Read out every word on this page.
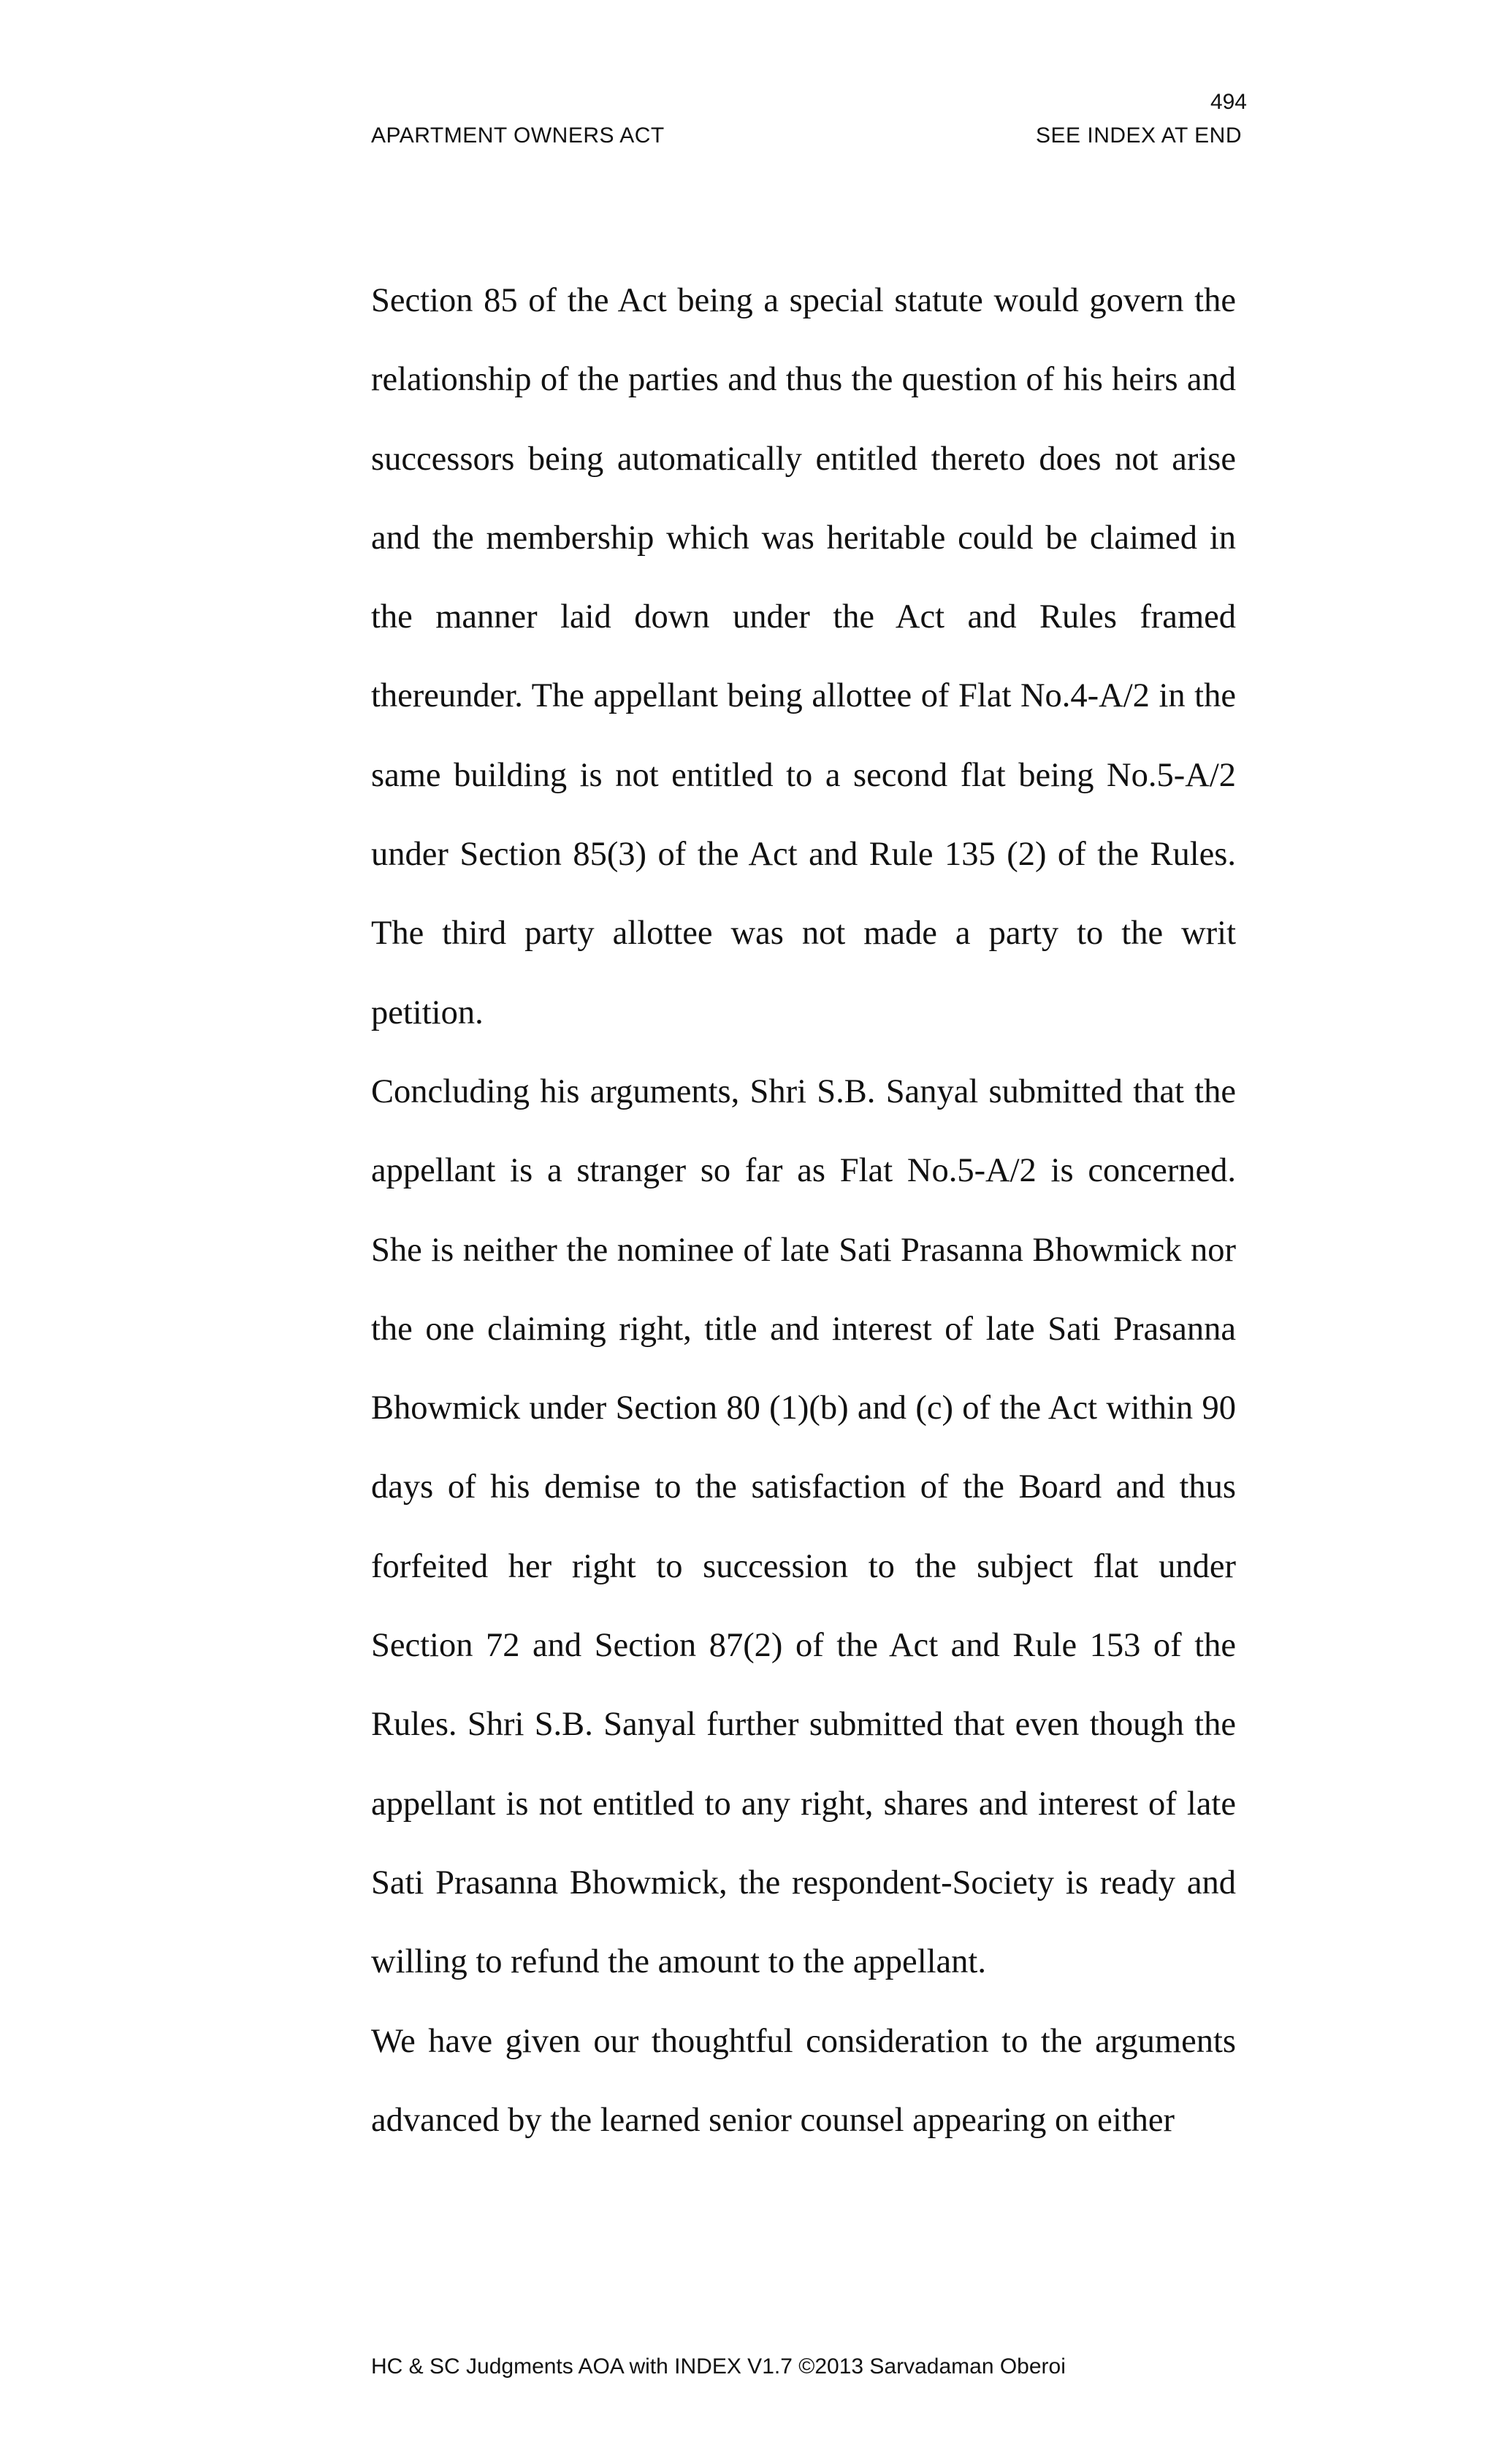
494
APARTMENT OWNERS ACT	SEE INDEX AT END

Section 85 of the Act being a special statute would govern the relationship of the parties and thus the question of his heirs and successors being automatically entitled thereto does not arise and the membership which was heritable could be claimed in the manner laid down under the Act and Rules framed thereunder. The appellant being allottee of Flat No.4-A/2 in the same building is not entitled to a second flat being No.5-A/2 under Section 85(3) of the Act and Rule 135 (2) of the Rules. The third party allottee was not made a party to the writ petition.

Concluding his arguments, Shri S.B. Sanyal submitted that the appellant is a stranger so far as Flat No.5-A/2 is concerned. She is neither the nominee of late Sati Prasanna Bhowmick nor the one claiming right, title and interest of late Sati Prasanna Bhowmick under Section 80 (1)(b) and (c) of the Act within 90 days of his demise to the satisfaction of the Board and thus forfeited her right to succession to the subject flat under Section 72 and Section 87(2) of the Act and Rule 153 of the Rules. Shri S.B. Sanyal further submitted that even though the appellant is not entitled to any right, shares and interest of late Sati Prasanna Bhowmick, the respondent-Society is ready and willing to refund the amount to the appellant.

We have given our thoughtful consideration to the arguments advanced by the learned senior counsel appearing on either

HC & SC Judgments AOA with INDEX V1.7 ©2013 Sarvadaman Oberoi
